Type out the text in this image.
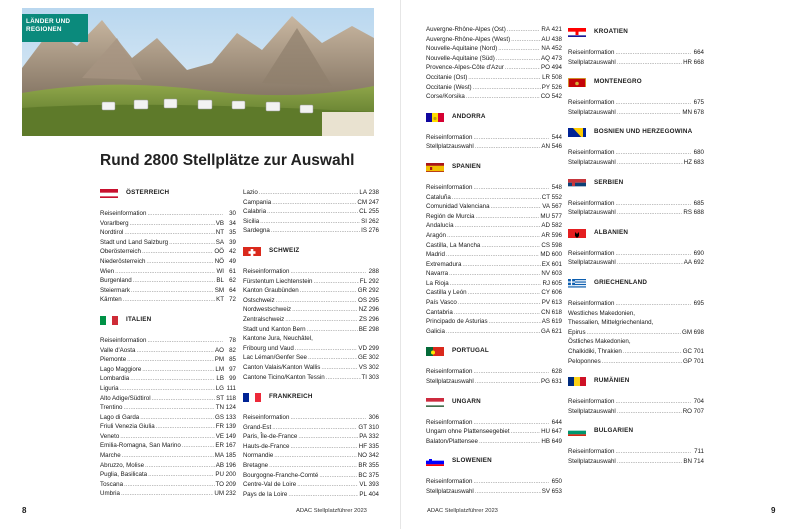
LÄNDER UND REGIONEN
Rund 2800 Stellplätze zur Auswahl
ÖSTERREICH
Reiseinformation .....	30
Vorarlberg .....	VB 34
Nordtirol .....	NT 35
Stadt und Land Salzburg .....	SA 39
Oberösterreich .....	OÖ 42
Niederösterreich .....	NÖ 49
Wien .....	WI 61
Burgenland .....	BL 62
Steiermark .....	SM 64
Kärnten .....	KT 72
ITALIEN
Reiseinformation .....	78
Valle d'Aosta .....	AO 82
Piemonte .....	PM 85
Lago Maggiore .....	LM 97
Lombardia .....	LB 99
Liguria .....	LG 111
Alto Adige/Südtirol .....	ST 118
Trentino .....	TN 124
Lago di Garda .....	GS 133
Friuli Venezia Giulia .....	FR 139
Veneto .....	VE 149
Emilia-Romagna, San Marino .....	ER 167
Marche .....	MA 185
Abruzzo, Molise .....	AB 196
Puglia, Basilicata .....	PU 200
Toscana .....	TO 209
Umbria .....	UM 232
Lazio .....	LA 238
Campania .....	CM 247
Calabria .....	CL 255
Sicilia .....	SI 262
Sardegna .....	IS 276
SCHWEIZ
Reiseinformation .....	288
Fürstentum Liechtenstein .....	FL 292
Kanton Graubünden .....	GR 292
Ostschweiz .....	OS 295
Nordwestschweiz .....	NZ 296
Zentralschweiz .....	ZS 296
Stadt und Kanton Bern .....	BE 298
Kantone Jura, Neuchâtel,
Fribourg und Vaud .....	VD 299
Lac Léman/Genfer See .....	GE 302
Canton Valais/Kanton Wallis .....	VS 302
Cantone Ticino/Kanton Tessin .....	TI 303
FRANKREICH
Reiseinformation .....	306
Grand-Est .....	GT 310
Paris, Île-de-France .....	PA 332
Hauts-de-France .....	HF 335
Normandie .....	NO 342
Bretagne .....	BR 355
Bourgogne-Franche-Comté .....	BC 375
Centre-Val de Loire .....	VL 393
Pays de la Loire .....	PL 404
8	ADAC Stellplatzführer 2023
Auvergne-Rhône-Alpes (Ost) .....	RA 421
Auvergne-Rhône-Alpes (West) .....	AU 438
Nouvelle-Aquitaine (Nord) .....	NA 452
Nouvelle-Aquitaine (Süd) .....	AQ 473
Provence-Alpes-Côte d'Azur .....	PO 494
Occitanie (Ost) .....	LR 508
Occitanie (West) .....	PY 526
Corse/Korsika .....	CO 542
ANDORRA
Reiseinformation .....	544
Stellplatzauswahl .....	AN 546
SPANIEN
Reiseinformation .....	548
Cataluña .....	CT 552
Comunidad Valenciana .....	VA 567
Región de Murcia .....	MU 577
Andalucía .....	AD 582
Aragón .....	AR 596
Castilla, La Mancha .....	CS 598
Madrid .....	MD 600
Extremadura .....	EX 601
Navarra .....	NV 603
La Rioja .....	RJ 605
Castilla y León .....	CY 606
País Vasco .....	PV 613
Cantabria .....	CN 618
Principado de Asturias .....	AS 619
Galicia .....	GA 621
PORTUGAL
Reiseinformation .....	628
Stellplatzauswahl .....	PG 631
UNGARN
Reiseinformation .....	644
Ungarn ohne Plattenseegebiet .....	HU 647
Balaton/Plattensee .....	HB 649
SLOWENIEN
Reiseinformation .....	650
Stellplatzauswahl .....	SV 653
KROATIEN
Reiseinformation .....	664
Stellplatzauswahl .....	HR 668
MONTENEGRO
Reiseinformation .....	675
Stellplatzauswahl .....	MN 678
BOSNIEN UND HERZEGOWINA
Reiseinformation .....	680
Stellplatzauswahl .....	HZ 683
SERBIEN
Reiseinformation .....	685
Stellplatzauswahl .....	RS 688
ALBANIEN
Reiseinformation .....	690
Stellplatzauswahl .....	AA 692
GRIECHENLAND
Reiseinformation .....	695
Westliches Makedonien,
Thessalien, Mittelgriechenland,
Epirus .....	GM 698
Östliches Makedonien,
Chalkidiki, Thrakien .....	GC 701
Peloponnes .....	GP 701
RUMÄNIEN
Reiseinformation .....	704
Stellplatzauswahl .....	RO 707
BULGARIEN
Reiseinformation .....	711
Stellplatzauswahl .....	BN 714
ADAC Stellplatzführer 2023	9
